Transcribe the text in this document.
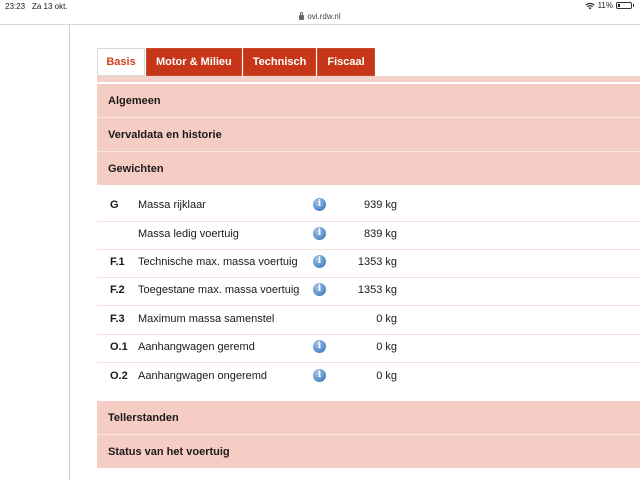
23:23 Za 13 okt.	11%
ovi.rdw.nl
Basis Motor & Milieu Technisch Fiscaal
Algemeen
Vervaldata en historie
Gewichten
G Massa rijklaar	i	939 kg
Massa ledig voertuig	i	839 kg
F.1 Technische max. massa voertuig	i	1353 kg
F.2 Toegestane max. massa voertuig	i	1353 kg
F.3 Maximum massa samenstel	0 kg
O.1 Aanhangwagen geremd	i	0 kg
O.2 Aanhangwagen ongeremd	i	0 kg
Tellerstanden
Status van het voertuig
